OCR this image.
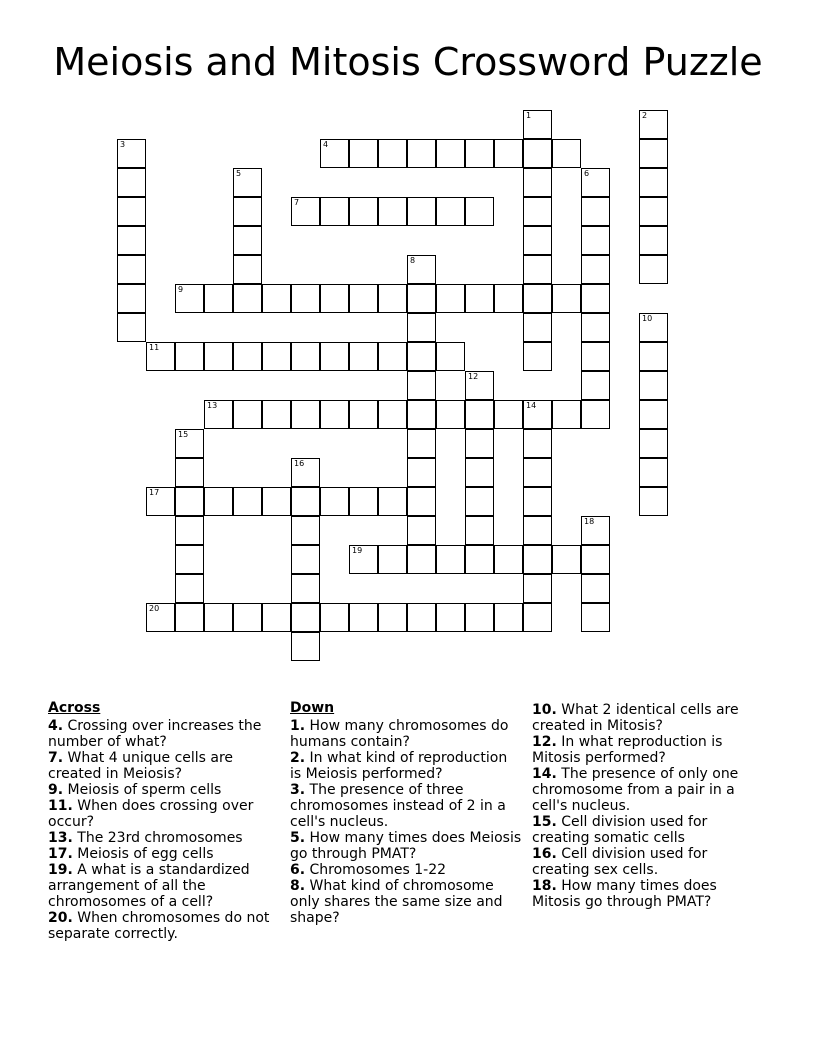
Meiosis and Mitosis Crossword Puzzle
4
7
9
11
13	14
17
19
20
1	2
3
5	6
8
10
12
15
16
18
Across
4. Crossing over increases the number of what?
7. What 4 unique cells are created in Meiosis?
9. Meiosis of sperm cells
11. When does crossing over occur?
13. The 23rd chromosomes
17. Meiosis of egg cells
19. A what is a standardized arrangement of all the chromosomes of a cell?
20. When chromosomes do not separate correctly.
Down
1. How many chromosomes do humans contain?
2. In what kind of reproduction is Meiosis performed?
3. The presence of three chromosomes instead of 2 in a cell's nucleus.
5. How many times does Meiosis go through PMAT?
6. Chromosomes 1-22
8. What kind of chromosome only shares the same size and shape?
10. What 2 identical cells are created in Mitosis?
12. In what reproduction is Mitosis performed?
14. The presence of only one chromosome from a pair in a cell's nucleus.
15. Cell division used for creating somatic cells
16. Cell division used for creating sex cells.
18. How many times does Mitosis go through PMAT?
